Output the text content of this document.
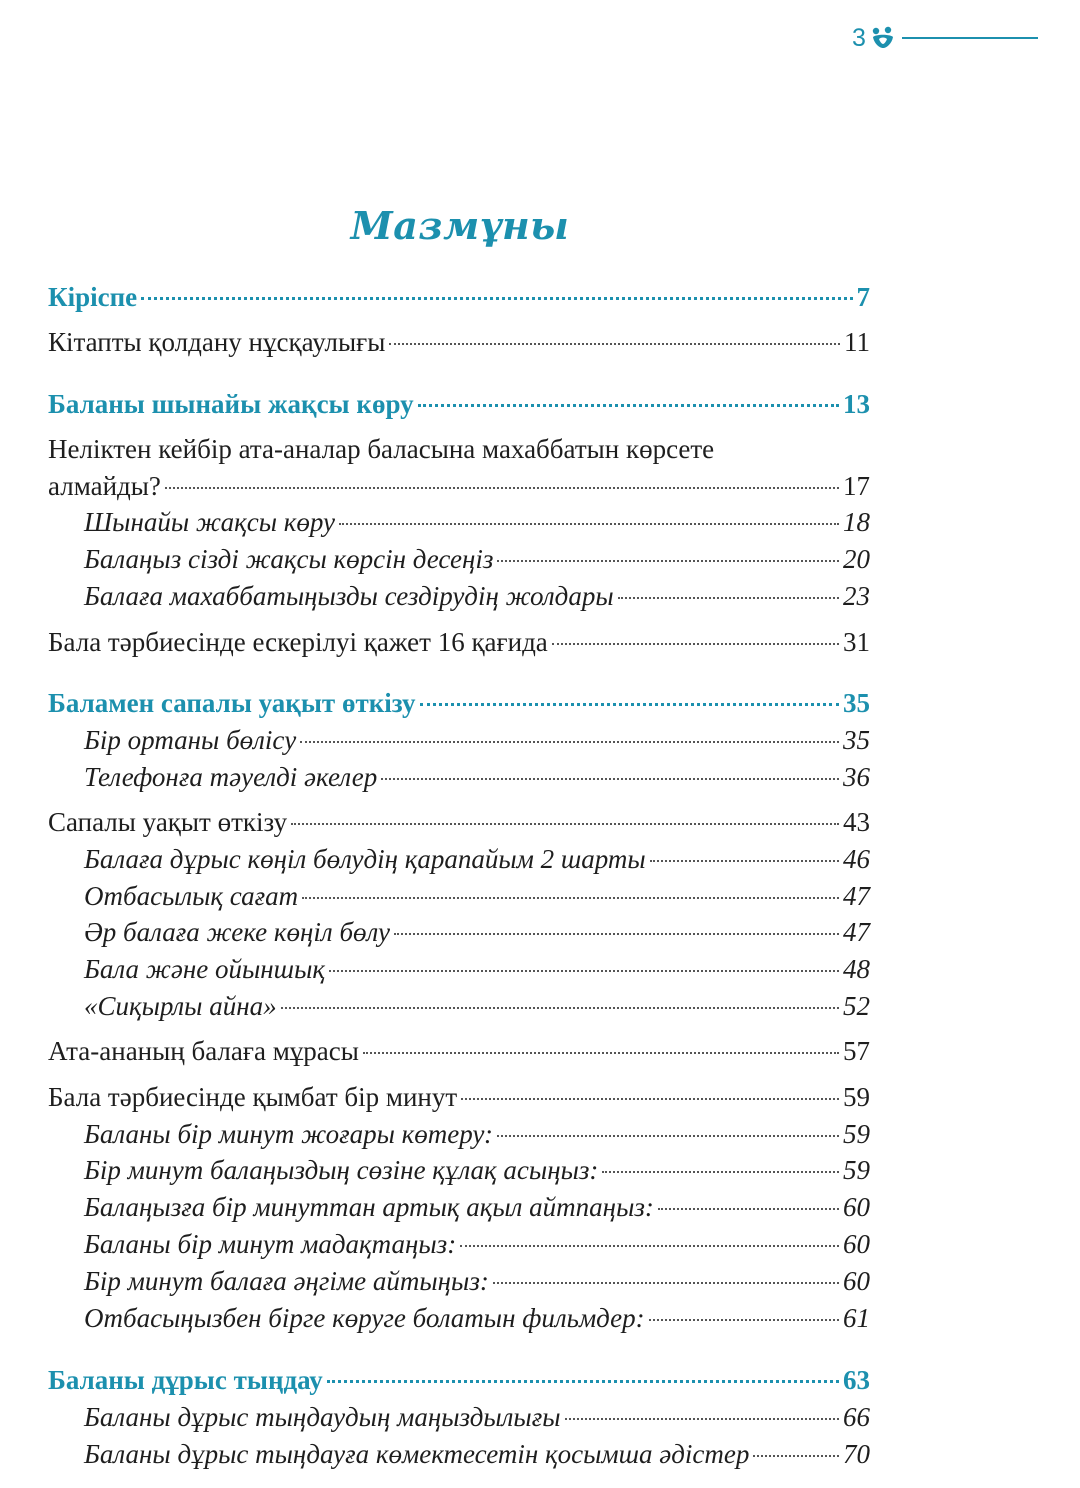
3
Мазмұны
Кіріспе	7
Кітапты қолдану нұсқаулығы	11
Баланы шынайы жақсы көру	13
Неліктен кейбір ата-аналар баласына махаббатын көрсете
алмайды?	17
Шынайы жақсы көру	18
Балаңыз сізді жақсы көрсін десеңіз	20
Балаға махаббатыңызды сездірудің жолдары	23
Бала тәрбиесінде ескерілуі қажет 16 қағида	31
Баламен сапалы уақыт өткізу	35
Бір ортаны бөлісу	35
Телефонға тәуелді әкелер	36
Сапалы уақыт өткізу	43
Балаға дұрыс көңіл бөлудің қарапайым 2 шарты	46
Отбасылық сағат	47
Әр балаға жеке көңіл бөлу	47
Бала және ойыншық	48
«Сиқырлы айна»	52
Ата-ананың балаға мұрасы	57
Бала тәрбиесінде қымбат бір минут	59
Баланы бір минут жоғары көтеру:	59
Бір минут балаңыздың сөзіне құлақ асыңыз:	59
Балаңызға бір минуттан артық ақыл айтпаңыз:	60
Баланы бір минут мадақтаңыз:	60
Бір минут балаға әңгіме айтыңыз:	60
Отбасыңызбен бірге көруге болатын фильмдер:	61
Баланы дұрыс тыңдау	63
Баланы дұрыс тыңдаудың маңыздылығы	66
Баланы дұрыс тыңдауға көмектесетін қосымша әдістер	70
